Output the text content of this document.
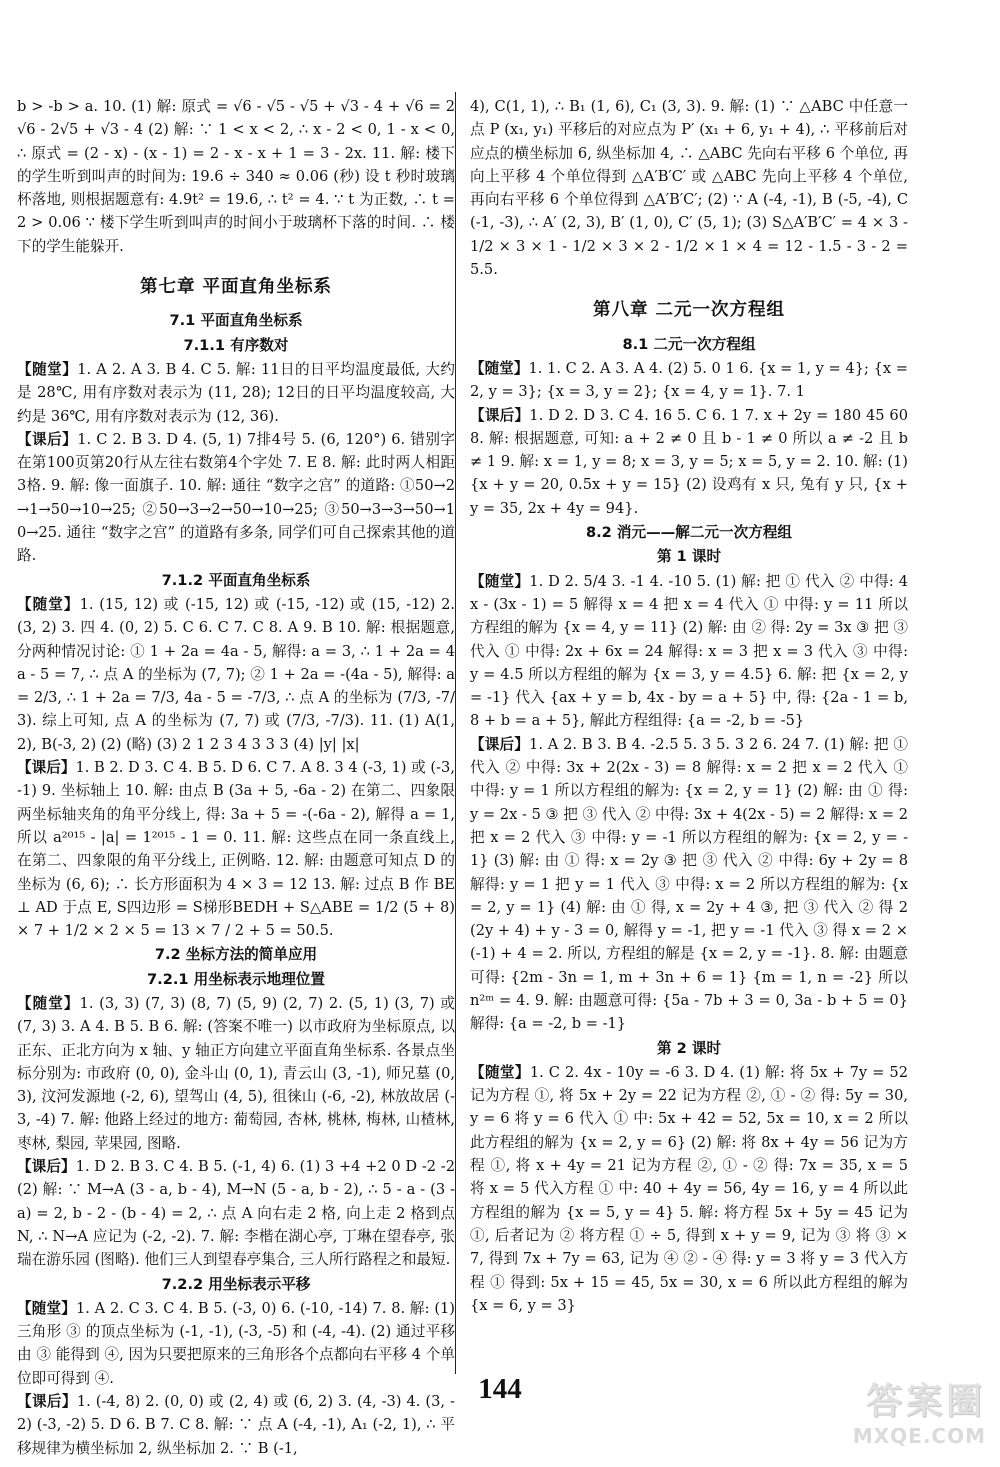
b > -b > a. 10. (1) 解: 原式 = √6 - √5 - √5 + √3 - 4 + √6 = 2√6 - 2√5 + √3 - 4 (2) 解: ∵ 1 < x < 2, ∴ x - 2 < 0, 1 - x < 0, ∴ 原式 = (2 - x) - (x - 1) = 2 - x - x + 1 = 3 - 2x. 11. 解: 楼下的学生听到叫声的时间为: 19.6 ÷ 340 ≈ 0.06 (秒) 设 t 秒时玻璃杯落地, 则根据题意有: 4.9t² = 19.6, ∴ t² = 4. ∵ t 为正数, ∴ t = 2 > 0.06 ∵ 楼下学生听到叫声的时间小于玻璃杯下落的时间. ∴ 楼下的学生能躲开.

第七章 平面直角坐标系
7.1 平面直角坐标系
7.1.1 有序数对

【随堂】1. A 2. A 3. B 4. C 5. 解: 11日的日平均温度最低, 大约是 28℃, 用有序数对表示为 (11, 28); 12日的日平均温度较高, 大约是 36℃, 用有序数对表示为 (12, 36).

【课后】1. C 2. B 3. D 4. (5, 1) 7排4号 5. (6, 120°) 6. 错别字在第100页第20行从左往右数第4个字处 7. E 8. 解: 此时两人相距3格. 9. 解: 像一面旗子. 10. 解: 通往 “数字之宫” 的道路: ①50→2→1→50→10→25; ②50→3→2→50→10→25; ③50→3→3→50→10→25. 通往 “数字之宫” 的道路有多条, 同学们可自己探索其他的道路.

7.1.2 平面直角坐标系

【随堂】1. (15, 12) 或 (-15, 12) 或 (-15, -12) 或 (15, -12) 2. (3, 2) 3. 四 4. (0, 2) 5. C 6. C 7. C 8. A 9. B 10. 解: 根据题意, 分两种情况讨论: ① 1 + 2a = 4a - 5, 解得: a = 3, ∴ 1 + 2a = 4a - 5 = 7, ∴ 点 A 的坐标为 (7, 7); ② 1 + 2a = -(4a - 5), 解得: a = 2/3, ∴ 1 + 2a = 7/3, 4a - 5 = -7/3, ∴ 点 A 的坐标为 (7/3, -7/3). 综上可知, 点 A 的坐标为 (7, 7) 或 (7/3, -7/3). 11. (1) A(1, 2), B(-3, 2) (2) (略) (3) 2 1 2 3 4 3 3 3 (4) |y| |x|

【课后】1. B 2. D 3. C 4. B 5. D 6. C 7. A 8. 3 4 (-3, 1) 或 (-3, -1) 9. 坐标轴上 10. 解: 由点 B (3a + 5, -6a - 2) 在第二、四象限两坐标轴夹角的角平分线上, 得: 3a + 5 = -(-6a - 2), 解得 a = 1, 所以 a²⁰¹⁵ - |a| = 1²⁰¹⁵ - 1 = 0. 11. 解: 这些点在同一条直线上, 在第二、四象限的角平分线上, 正例略. 12. 解: 由题意可知点 D 的坐标为 (6, 6); ∴ 长方形面积为 4 × 3 = 12 13. 解: 过点 B 作 BE ⊥ AD 于点 E, S四边形 = S梯形BEDH + S△ABE = 1/2 (5 + 8) × 7 + 1/2 × 2 × 5 = 13 × 7 / 2 + 5 = 50.5.

7.2 坐标方法的简单应用
7.2.1 用坐标表示地理位置

【随堂】1. (3, 3) (7, 3) (8, 7) (5, 9) (2, 7) 2. (5, 1) (3, 7) 或 (7, 3) 3. A 4. B 5. B 6. 解: (答案不唯一) 以市政府为坐标原点, 以正东、正北方向为 x 轴、y 轴正方向建立平面直角坐标系. 各景点坐标分别为: 市政府 (0, 0), 金斗山 (0, 1), 青云山 (3, -1), 师兄墓 (0, 3), 汶河发源地 (-2, 6), 望驾山 (4, 5), 徂徕山 (-6, -2), 林放故居 (-3, -4) 7. 解: 他路上经过的地方: 葡萄园, 杏林, 桃林, 梅林, 山楂林, 枣林, 梨园, 苹果园, 图略.

【课后】1. D 2. B 3. C 4. B 5. (-1, 4) 6. (1) 3 +4 +2 0 D -2 -2 (2) 解: ∵ M→A (3 - a, b - 4), M→N (5 - a, b - 2), ∴ 5 - a - (3 - a) = 2, b - 2 - (b - 4) = 2, ∴ 点 A 向右走 2 格, 向上走 2 格到点 N, ∴ N→A 应记为 (-2, -2). 7. 解: 李楷在湖心亭, 丁琳在望春亭, 张瑞在游乐园 (图略). 他们三人到望春亭集合, 三人所行路程之和最短.

7.2.2 用坐标表示平移

【随堂】1. A 2. C 3. C 4. B 5. (-3, 0) 6. (-10, -14) 7. 8. 解: (1) 三角形 ③ 的顶点坐标为 (-1, -1), (-3, -5) 和 (-4, -4). (2) 通过平移由 ③ 能得到 ④, 因为只要把原来的三角形各个点都向右平移 4 个单位即可得到 ④.

【课后】1. (-4, 8) 2. (0, 0) 或 (2, 4) 或 (6, 2) 3. (4, -3) 4. (3, -2) (-3, -2) 5. D 6. B 7. C 8. 解: ∵ 点 A (-4, -1), A₁ (-2, 1), ∴ 平移规律为横坐标加 2, 纵坐标加 2. ∵ B (-1,

4), C(1, 1), ∴ B₁ (1, 6), C₁ (3, 3). 9. 解: (1) ∵ △ABC 中任意一点 P (x₁, y₁) 平移后的对应点为 P′ (x₁ + 6, y₁ + 4), ∴ 平移前后对应点的横坐标加 6, 纵坐标加 4, ∴ △ABC 先向右平移 6 个单位, 再向上平移 4 个单位得到 △A′B′C′ 或 △ABC 先向上平移 4 个单位, 再向右平移 6 个单位得到 △A′B′C′; (2) ∵ A (-4, -1), B (-5, -4), C (-1, -3), ∴ A′ (2, 3), B′ (1, 0), C′ (5, 1); (3) S△A′B′C′ = 4 × 3 - 1/2 × 3 × 1 - 1/2 × 3 × 2 - 1/2 × 1 × 4 = 12 - 1.5 - 3 - 2 = 5.5.

第八章 二元一次方程组
8.1 二元一次方程组

【随堂】1. 1. C 2. A 3. A 4. (2) 5. 0 1 6. {x = 1, y = 4}; {x = 2, y = 3}; {x = 3, y = 2}; {x = 4, y = 1}. 7. 1

【课后】1. D 2. D 3. C 4. 16 5. C 6. 1 7. x + 2y = 180 45 60 8. 解: 根据题意, 可知: a + 2 ≠ 0 且 b - 1 ≠ 0 所以 a ≠ -2 且 b ≠ 1 9. 解: x = 1, y = 8; x = 3, y = 5; x = 5, y = 2. 10. 解: (1) {x + y = 20, 0.5x + y = 15} (2) 设鸡有 x 只, 兔有 y 只, {x + y = 35, 2x + 4y = 94}.

8.2 消元——解二元一次方程组
第 1 课时

【随堂】1. D 2. 5/4 3. -1 4. -10 5. (1) 解: 把 ① 代入 ② 中得: 4x - (3x - 1) = 5 解得 x = 4 把 x = 4 代入 ① 中得: y = 11 所以方程组的解为 {x = 4, y = 11} (2) 解: 由 ② 得: 2y = 3x ③ 把 ③ 代入 ① 中得: 2x + 6x = 24 解得: x = 3 把 x = 3 代入 ③ 中得: y = 4.5 所以方程组的解为 {x = 3, y = 4.5} 6. 解: 把 {x = 2, y = -1} 代入 {ax + y = b, 4x - by = a + 5} 中, 得: {2a - 1 = b, 8 + b = a + 5}, 解此方程组得: {a = -2, b = -5}

【课后】1. A 2. B 3. B 4. -2.5 5. 3 5. 3 2 6. 24 7. (1) 解: 把 ① 代入 ② 中得: 3x + 2(2x - 3) = 8 解得: x = 2 把 x = 2 代入 ① 中得: y = 1 所以方程组的解为: {x = 2, y = 1} (2) 解: 由 ① 得: y = 2x - 5 ③ 把 ③ 代入 ② 中得: 3x + 4(2x - 5) = 2 解得: x = 2 把 x = 2 代入 ③ 中得: y = -1 所以方程组的解为: {x = 2, y = -1} (3) 解: 由 ① 得: x = 2y ③ 把 ③ 代入 ② 中得: 6y + 2y = 8 解得: y = 1 把 y = 1 代入 ③ 中得: x = 2 所以方程组的解为: {x = 2, y = 1} (4) 解: 由 ① 得, x = 2y + 4 ③, 把 ③ 代入 ② 得 2(2y + 4) + y - 3 = 0, 解得 y = -1, 把 y = -1 代入 ③ 得 x = 2 × (-1) + 4 = 2. 所以, 方程组的解是 {x = 2, y = -1}. 8. 解: 由题意可得: {2m - 3n = 1, m + 3n + 6 = 1} {m = 1, n = -2} 所以 n²ᵐ = 4. 9. 解: 由题意可得: {5a - 7b + 3 = 0, 3a - b + 5 = 0} 解得: {a = -2, b = -1}

第 2 课时

【随堂】1. C 2. 4x - 10y = -6 3. D 4. (1) 解: 将 5x + 7y = 52 记为方程 ①, 将 5x + 2y = 22 记为方程 ②, ① - ② 得: 5y = 30, y = 6 将 y = 6 代入 ① 中: 5x + 42 = 52, 5x = 10, x = 2 所以此方程组的解为 {x = 2, y = 6} (2) 解: 将 8x + 4y = 56 记为方程 ①, 将 x + 4y = 21 记为方程 ②, ① - ② 得: 7x = 35, x = 5 将 x = 5 代入方程 ① 中: 40 + 4y = 56, 4y = 16, y = 4 所以此方程组的解为 {x = 5, y = 4} 5. 解: 将方程 5x + 5y = 45 记为 ①, 后者记为 ② 将方程 ① ÷ 5, 得到 x + y = 9, 记为 ③ 将 ③ × 7, 得到 7x + 7y = 63, 记为 ④ ② - ④ 得: y = 3 将 y = 3 代入方程 ① 得到: 5x + 15 = 45, 5x = 30, x = 6 所以此方程组的解为 {x = 6, y = 3}

144	答案圈
MXQE.COM
